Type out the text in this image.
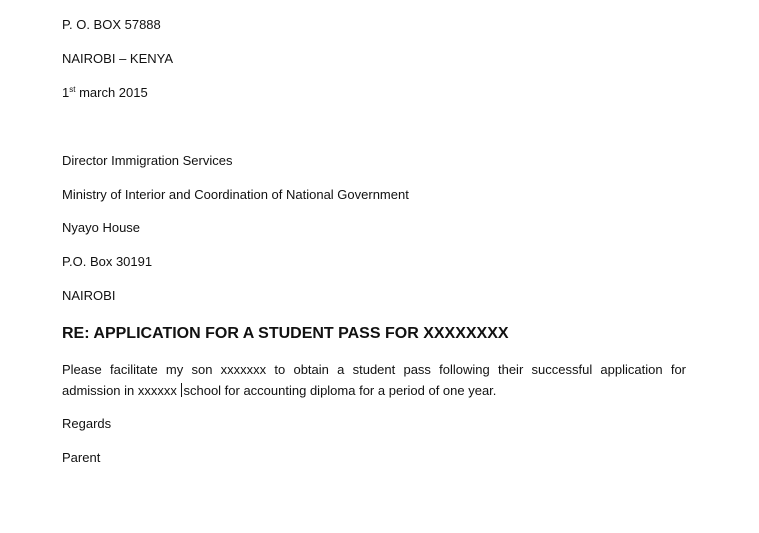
P. O. BOX 57888
NAIROBI – KENYA
1st march 2015
Director Immigration Services
Ministry of Interior and Coordination of National Government
Nyayo House
P.O. Box 30191
NAIROBI
RE: APPLICATION FOR A STUDENT PASS FOR XXXXXXXX
Please facilitate my son xxxxxxx to obtain a student pass following their successful application for
admission in xxxxxx school for accounting diploma for a period of one year.
Regards
Parent
